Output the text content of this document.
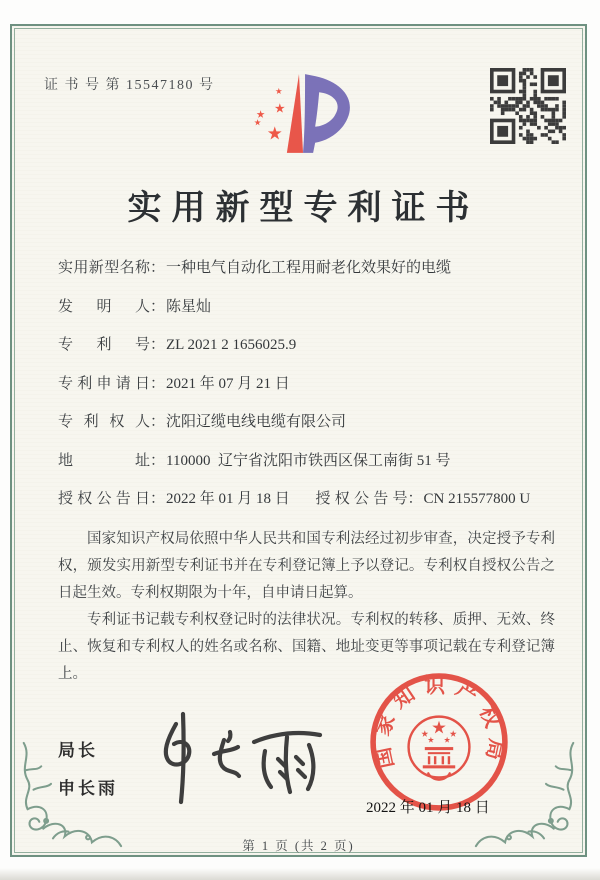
证 书 号 第 15547180 号
实用新型专利证书
实用新型名称：一种电气自动化工程用耐老化效果好的电缆
发明人：陈星灿
专利号：ZL 2021 2 1656025.9
专利申请日：2021 年 07 月 21 日
专利权人：沈阳辽缆电线电缆有限公司
地址：110000  辽宁省沈阳市铁西区保工南街 51 号
授权公告日：2022 年 01 月 18 日 授权公告号：CN 215577800 U

国家知识产权局依照中华人民共和国专利法经过初步审查，决定授予专利权，颁发实用新型专利证书并在专利登记簿上予以登记。专利权自授权公告之日起生效。专利权期限为十年，自申请日起算。

专利证书记载专利权登记时的法律状况。专利权的转移、质押、无效、终止、恢复和专利权人的姓名或名称、国籍、地址变更等事项记载在专利登记簿上。

局长
申长雨
国家知识产权局
2022 年 01 月 18 日
第 1 页 (共 2 页)
